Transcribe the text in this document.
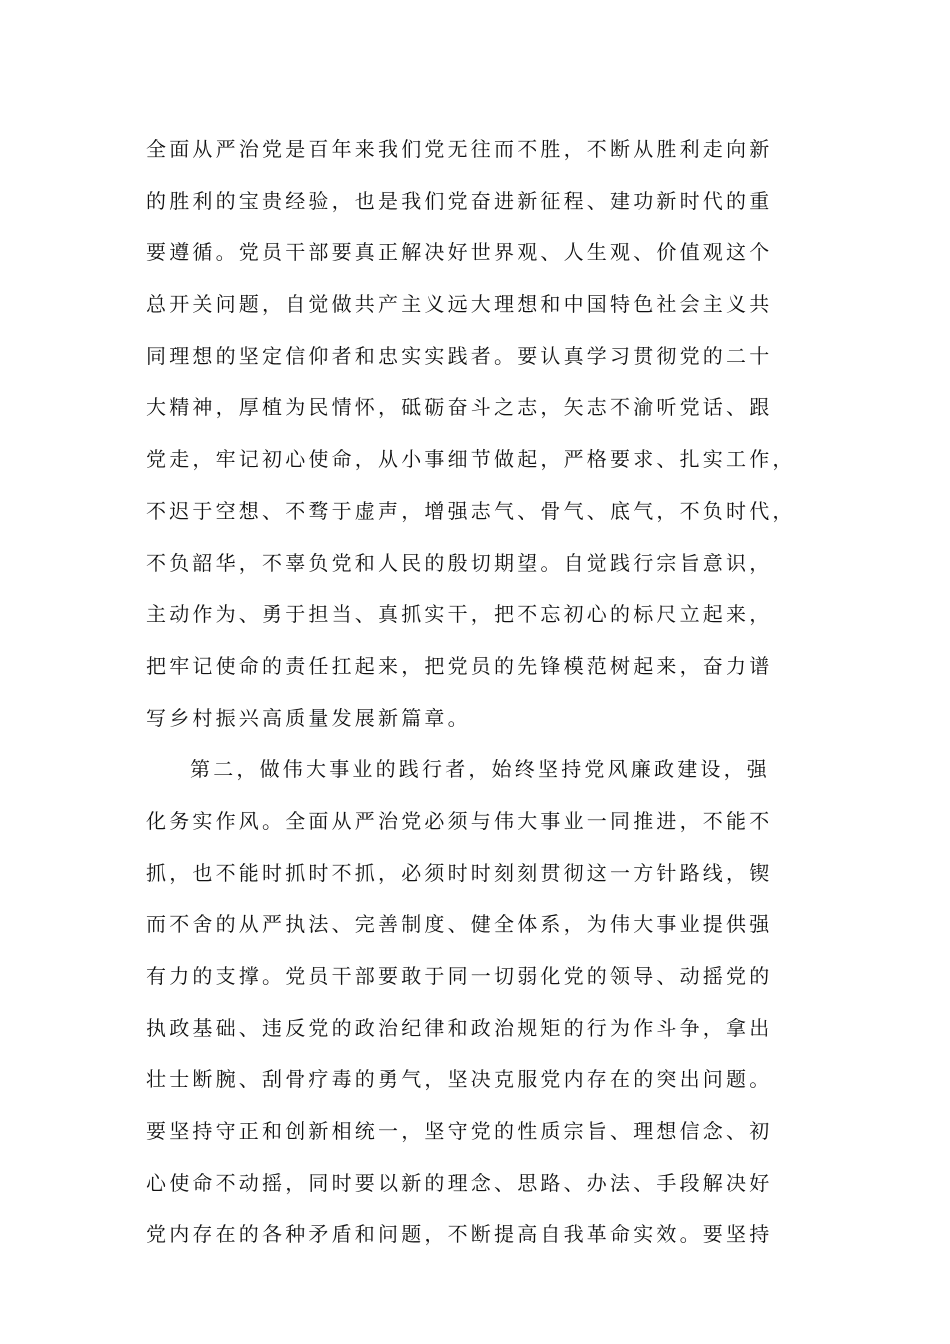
全面从严治党是百年来我们党无往而不胜，不断从胜利走向新
的胜利的宝贵经验，也是我们党奋进新征程、建功新时代的重
要遵循。党员干部要真正解决好世界观、人生观、价值观这个
总开关问题，自觉做共产主义远大理想和中国特色社会主义共
同理想的坚定信仰者和忠实实践者。要认真学习贯彻党的二十
大精神，厚植为民情怀，砥砺奋斗之志，矢志不渝听党话、跟
党走，牢记初心使命，从小事细节做起，严格要求、扎实工作，
不迟于空想、不骛于虚声，增强志气、骨气、底气，不负时代，
不负韶华，不辜负党和人民的殷切期望。自觉践行宗旨意识，
主动作为、勇于担当、真抓实干，把不忘初心的标尺立起来，
把牢记使命的责任扛起来，把党员的先锋模范树起来，奋力谱
写乡村振兴高质量发展新篇章。
第二，做伟大事业的践行者，始终坚持党风廉政建设，强
化务实作风。全面从严治党必须与伟大事业一同推进，不能不
抓，也不能时抓时不抓，必须时时刻刻贯彻这一方针路线，锲
而不舍的从严执法、完善制度、健全体系，为伟大事业提供强
有力的支撑。党员干部要敢于同一切弱化党的领导、动摇党的
执政基础、违反党的政治纪律和政治规矩的行为作斗争，拿出
壮士断腕、刮骨疗毒的勇气，坚决克服党内存在的突出问题。
要坚持守正和创新相统一，坚守党的性质宗旨、理想信念、初
心使命不动摇，同时要以新的理念、思路、办法、手段解决好
党内存在的各种矛盾和问题，不断提高自我革命实效。要坚持
